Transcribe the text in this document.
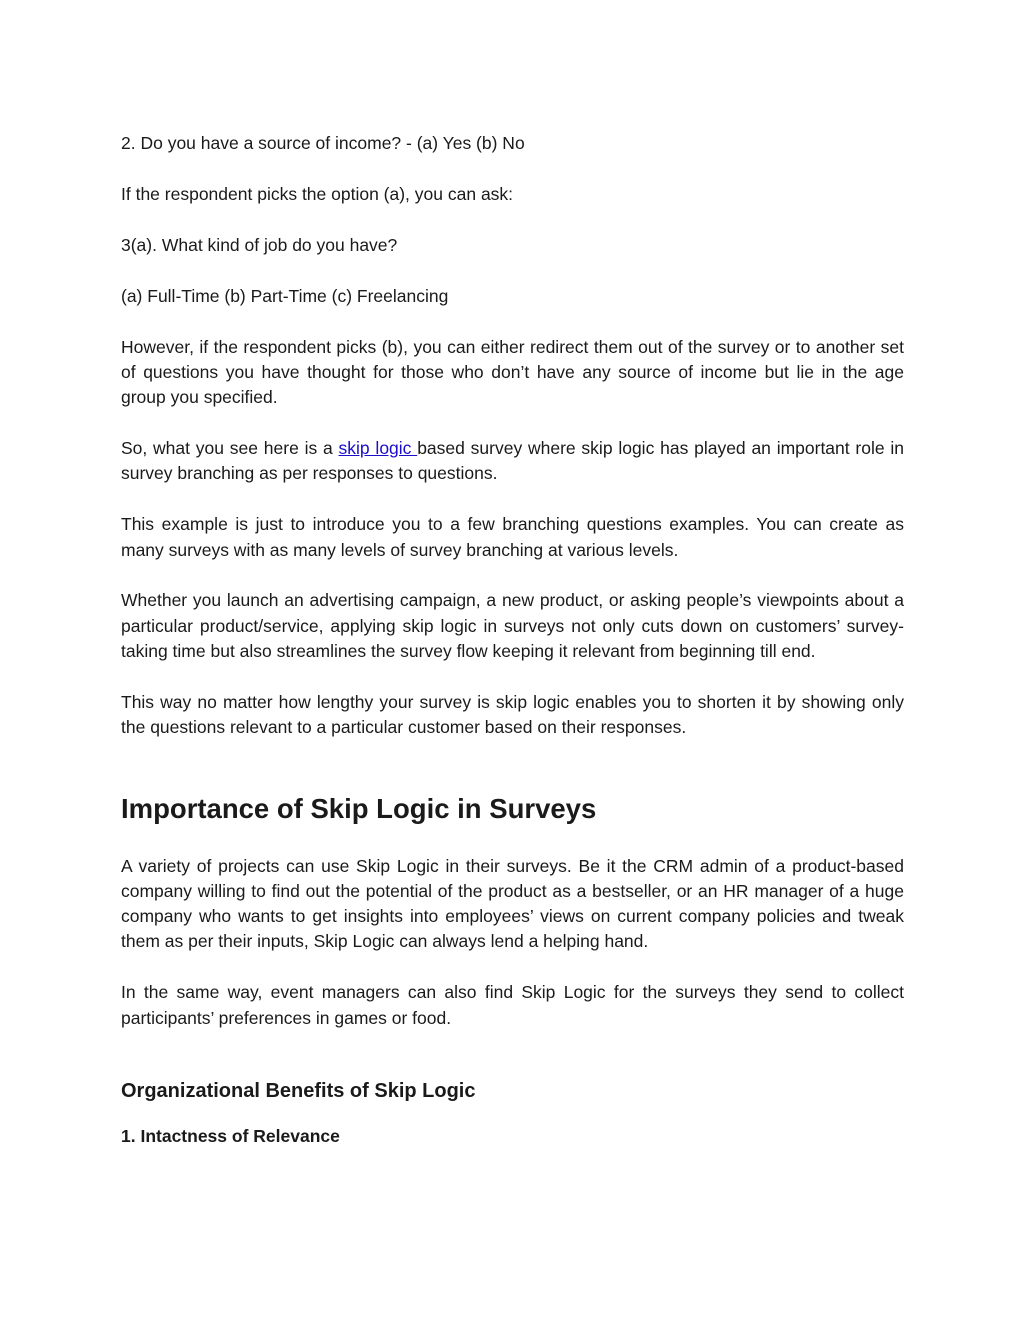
2. Do you have a source of income? - (a) Yes (b) No

If the respondent picks the option (a), you can ask:

3(a). What kind of job do you have?

(a) Full-Time (b) Part-Time (c) Freelancing

However, if the respondent picks (b), you can either redirect them out of the survey or to another set of questions you have thought for those who don’t have any source of income but lie in the age group you specified.

So, what you see here is a skip logic based survey where skip logic has played an important role in survey branching as per responses to questions.

This example is just to introduce you to a few branching questions examples. You can create as many surveys with as many levels of survey branching at various levels.

Whether you launch an advertising campaign, a new product, or asking people’s viewpoints about a particular product/service, applying skip logic in surveys not only cuts down on customers’ survey-taking time but also streamlines the survey flow keeping it relevant from beginning till end.

This way no matter how lengthy your survey is skip logic enables you to shorten it by showing only the questions relevant to a particular customer based on their responses.

Importance of Skip Logic in Surveys

A variety of projects can use Skip Logic in their surveys. Be it the CRM admin of a product-based company willing to find out the potential of the product as a bestseller, or an HR manager of a huge company who wants to get insights into employees’ views on current company policies and tweak them as per their inputs, Skip Logic can always lend a helping hand.

In the same way, event managers can also find Skip Logic for the surveys they send to collect participants’ preferences in games or food.

Organizational Benefits of Skip Logic
1. Intactness of Relevance
